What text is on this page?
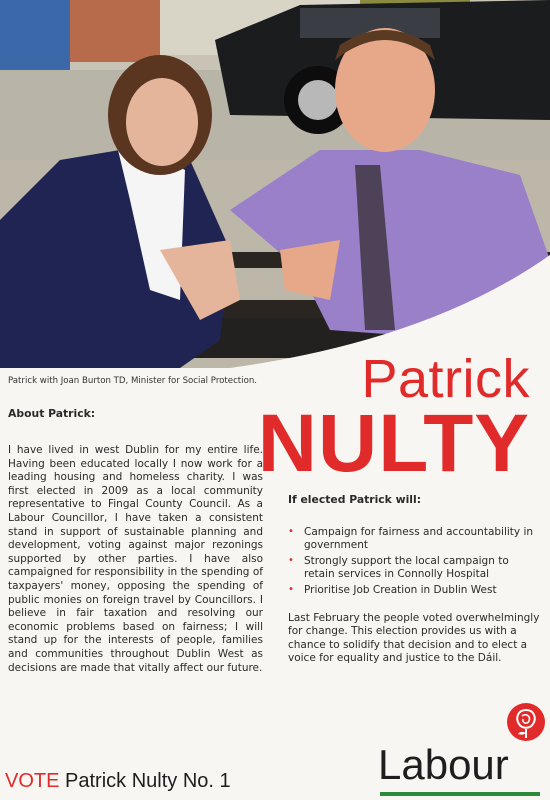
Patrick with Joan Burton TD, Minister for Social Protection.	Patrick
NULTY
About Patrick:

I have lived in west Dublin for my entire life. Having been educated locally I now work for a leading housing and homeless charity. I was first elected in 2009 as a local community representative to Fingal County Council. As a Labour Councillor, I have taken a consistent stand in support of sustainable planning and development, voting against major rezonings supported by other parties. I have also campaigned for responsibility in the spending of taxpayers' money, opposing the spending of public monies on foreign travel by Councillors. I believe in fair taxation and resolving our economic problems based on fairness; I will stand up for the interests of people, families and communities throughout Dublin West as decisions are made that vitally affect our future.

If elected Patrick will:
• Campaign for fairness and accountability in government
• Strongly support the local campaign to retain services in Connolly Hospital
• Prioritise Job Creation in Dublin West

Last February the people voted overwhelmingly for change. This election provides us with a chance to solidify that decision and to elect a voice for equality and justice to the Dáil.

VOTE Patrick Nulty No. 1	Labour
